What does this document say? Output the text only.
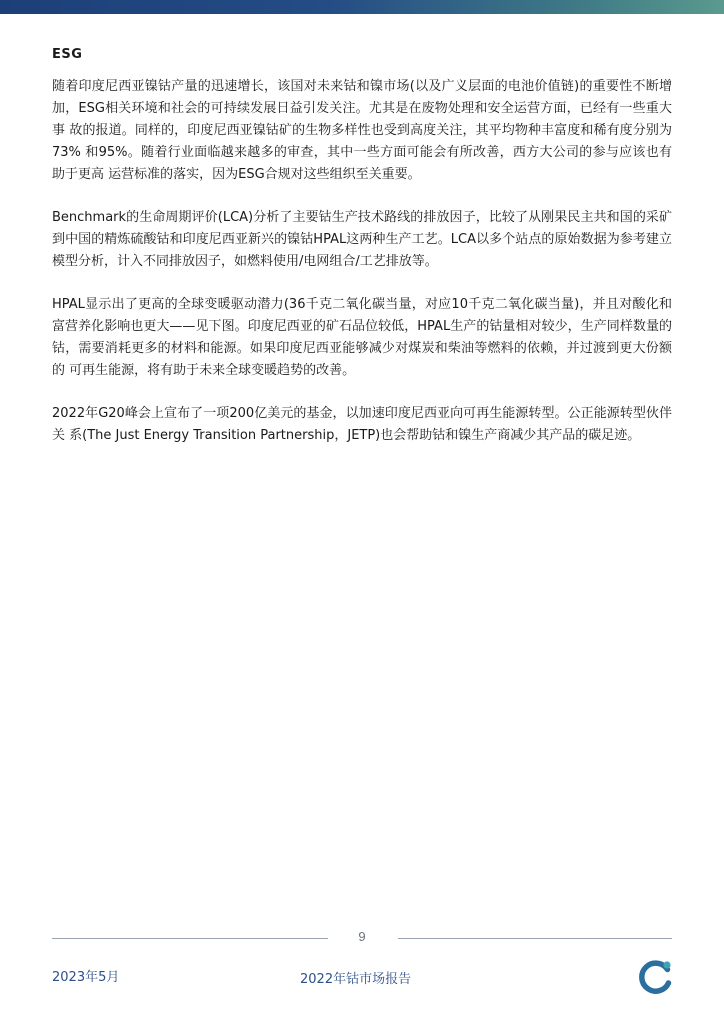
ESG

随着印度尼西亚镍钴产量的迅速增长，该国对未来钴和镍市场(以及广义层面的电池价值链)的重要性不断增 加，ESG相关环境和社会的可持续发展日益引发关注。尤其是在废物处理和安全运营方面，已经有一些重大事 故的报道。同样的，印度尼西亚镍钴矿的生物多样性也受到高度关注，其平均物种丰富度和稀有度分别为73% 和95%。随着行业面临越来越多的审查，其中一些方面可能会有所改善，西方大公司的参与应该也有助于更高 运营标准的落实，因为ESG合规对这些组织至关重要。

Benchmark的生命周期评价(LCA)分析了主要钴生产技术路线的排放因子，比较了从刚果民主共和国的采矿 到中国的精炼硫酸钴和印度尼西亚新兴的镍钴HPAL这两种生产工艺。LCA以多个站点的原始数据为参考建立 模型分析，计入不同排放因子，如燃料使用/电网组合/工艺排放等。

HPAL显示出了更高的全球变暖驱动潜力(36千克二氧化碳当量，对应10千克二氧化碳当量)，并且对酸化和 富营养化影响也更大——见下图。印度尼西亚的矿石品位较低，HPAL生产的钴量相对较少，生产同样数量的 钴，需要消耗更多的材料和能源。如果印度尼西亚能够减少对煤炭和柴油等燃料的依赖，并过渡到更大份额的 可再生能源，将有助于未来全球变暖趋势的改善。

2022年G20峰会上宣布了一项200亿美元的基金，以加速印度尼西亚向可再生能源转型。公正能源转型伙伴关 系(The Just Energy Transition Partnership，JETP)也会帮助钴和镍生产商减少其产品的碳足迹。

9
2023年5月	2022年钴市场报告
